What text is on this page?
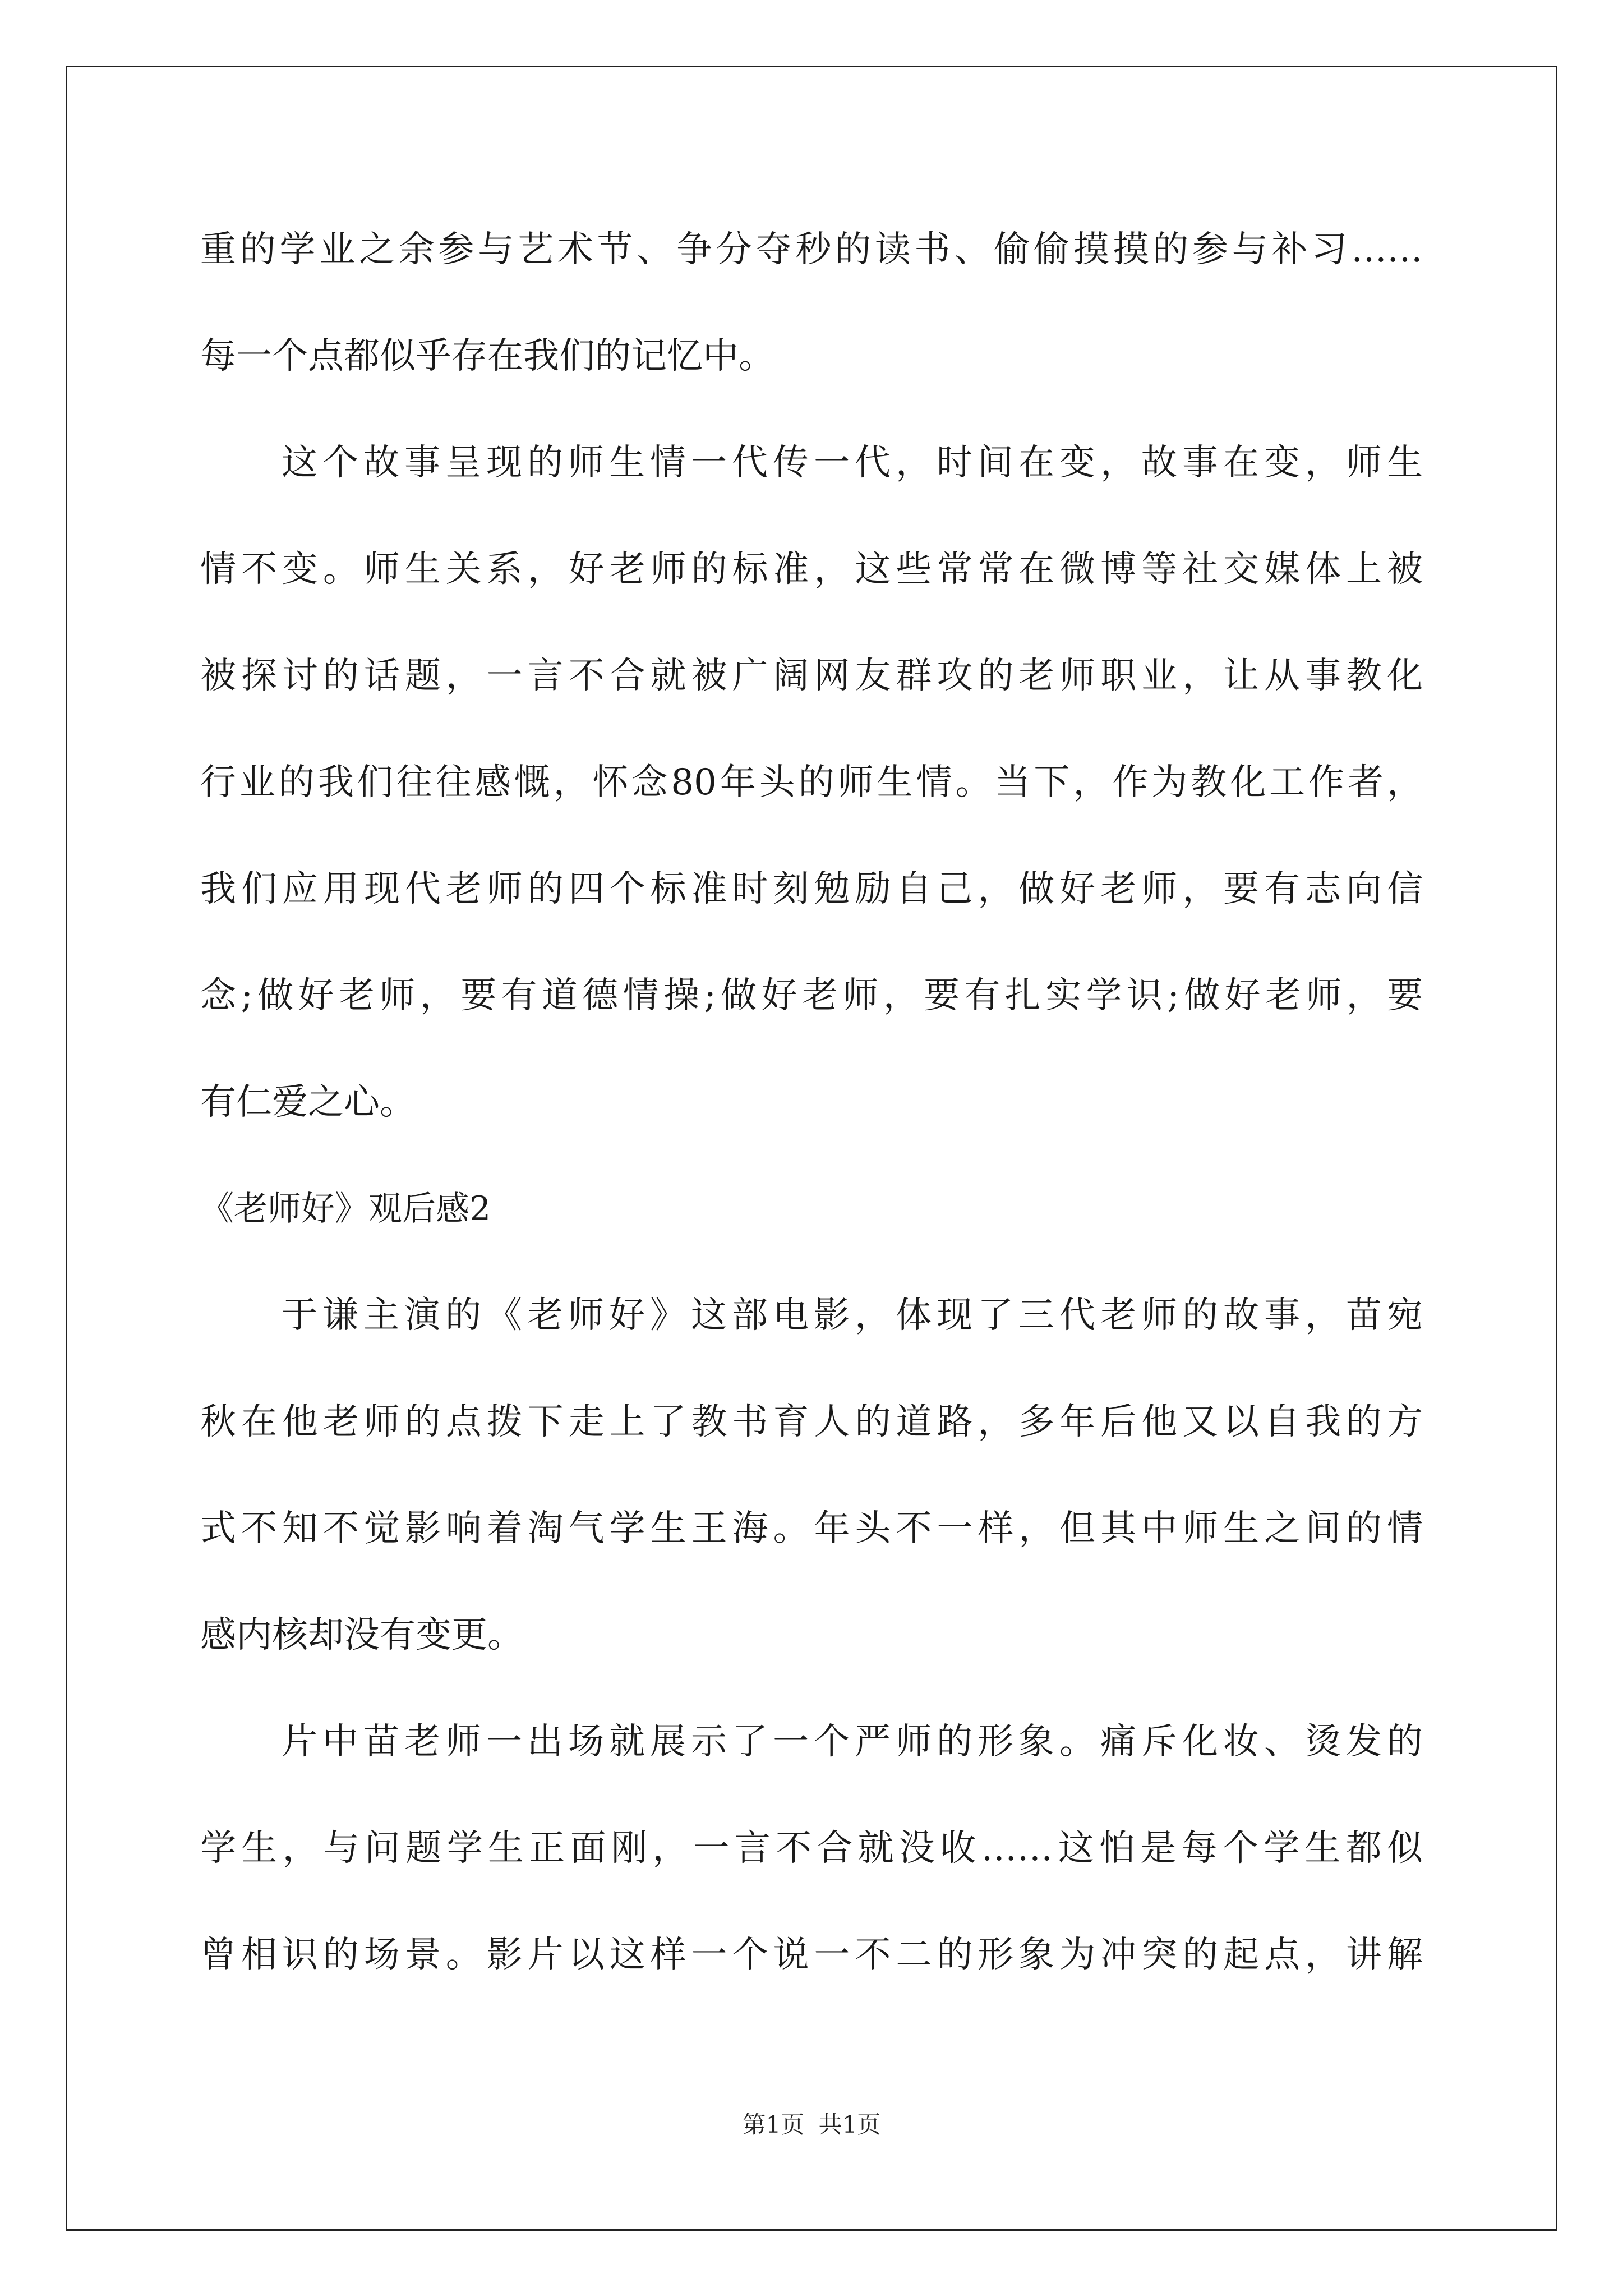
重的学业之余参与艺术节、争分夺秒的读书、偷偷摸摸的参与补习……

每一个点都似乎存在我们的记忆中。

这个故事呈现的师生情一代传一代，时间在变，故事在变，师生

情不变。师生关系，好老师的标准，这些常常在微博等社交媒体上被

被探讨的话题，一言不合就被广阔网友群攻的老师职业，让从事教化

行业的我们往往感慨，怀念80年头的师生情。当下，作为教化工作者，

我们应用现代老师的四个标准时刻勉励自己，做好老师，要有志向信

念;做好老师，要有道德情操;做好老师，要有扎实学识;做好老师，要

有仁爱之心。

《老师好》观后感2

于谦主演的《老师好》这部电影，体现了三代老师的故事，苗宛

秋在他老师的点拨下走上了教书育人的道路，多年后他又以自我的方

式不知不觉影响着淘气学生王海。年头不一样，但其中师生之间的情

感内核却没有变更。

片中苗老师一出场就展示了一个严师的形象。痛斥化妆、烫发的

学生，与问题学生正面刚，一言不合就没收……这怕是每个学生都似

曾相识的场景。影片以这样一个说一不二的形象为冲突的起点，讲解

第1页 共1页
